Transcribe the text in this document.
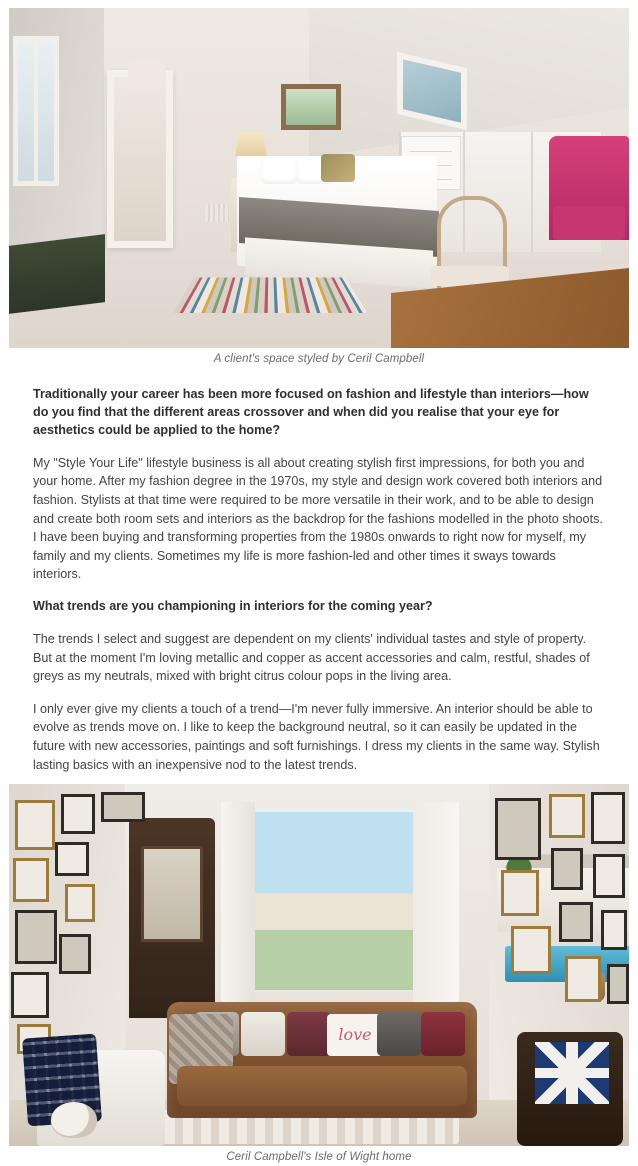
A client's space styled by Ceril Campbell

Traditionally your career has been more focused on fashion and lifestyle than interiors—how do you find that the different areas crossover and when did you realise that your eye for aesthetics could be applied to the home?

My "Style Your Life" lifestyle business is all about creating stylish first impressions, for both you and your home. After my fashion degree in the 1970s, my style and design work covered both interiors and fashion. Stylists at that time were required to be more versatile in their work, and to be able to design and create both room sets and interiors as the backdrop for the fashions modelled in the photo shoots. I have been buying and transforming properties from the 1980s onwards to right now for myself, my family and my clients. Sometimes my life is more fashion-led and other times it sways towards interiors.

What trends are you championing in interiors for the coming year?

The trends I select and suggest are dependent on my clients' individual tastes and style of property. But at the moment I'm loving metallic and copper as accent accessories and calm, restful, shades of greys as my neutrals, mixed with bright citrus colour pops in the living area.

I only ever give my clients a touch of a trend—I'm never fully immersive. An interior should be able to evolve as trends move on. I like to keep the background neutral, so it can easily be updated in the future with new accessories, paintings and soft furnishings. I dress my clients in the same way. Stylish lasting basics with an inexpensive nod to the latest trends.

love
Ceril Campbell's Isle of Wight home
